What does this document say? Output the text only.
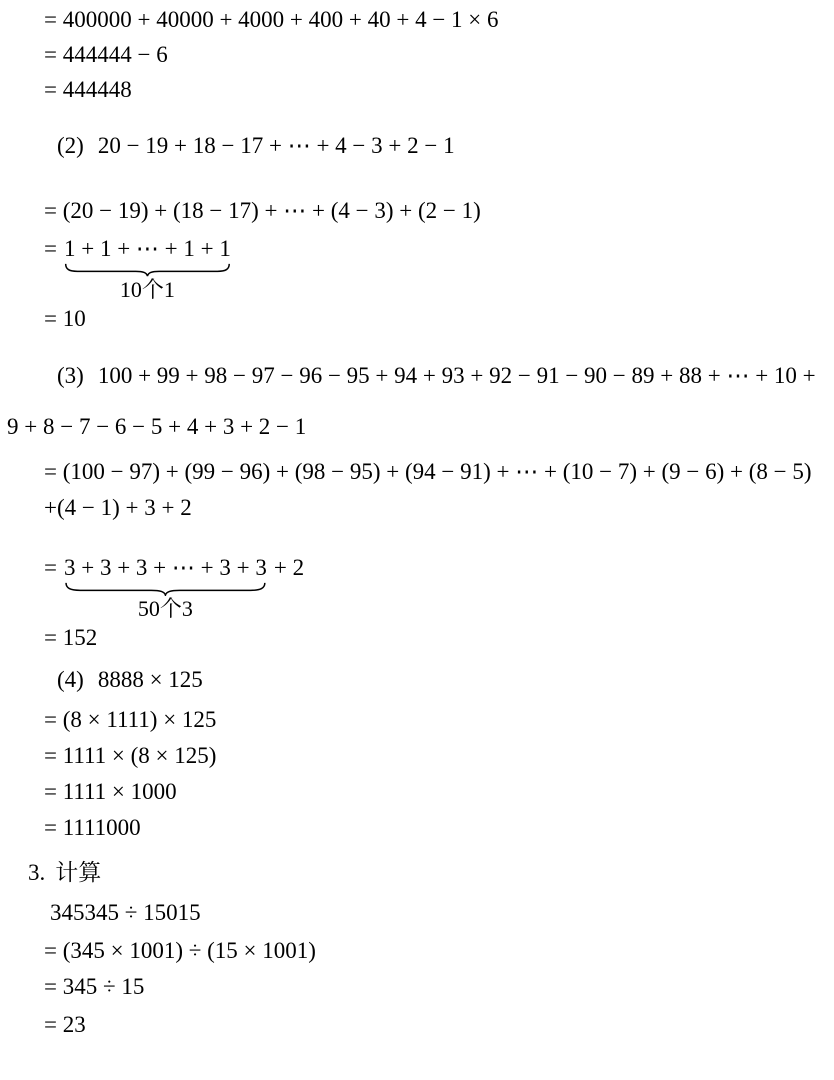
= 400000 + 40000 + 4000 + 400 + 40 + 4 − 1 × 6
= 444444 − 6
= 444448
(2) 20 − 19 + 18 − 17 + ⋯ + 4 − 3 + 2 − 1
= (20 − 19) + (18 − 17) + ⋯ + (4 − 3) + (2 − 1)
= 1 + 1 + ⋯ + 1 + 1
10个1
= 10
(3) 100 + 99 + 98 − 97 − 96 − 95 + 94 + 93 + 92 − 91 − 90 − 89 + 88 + ⋯ + 10 +
9 + 8 − 7 − 6 − 5 + 4 + 3 + 2 − 1
= (100 − 97) + (99 − 96) + (98 − 95) + (94 − 91) + ⋯ + (10 − 7) + (9 − 6) + (8 − 5)
+(4 − 1) + 3 + 2
= 3 + 3 + 3 + ⋯ + 3 + 3
50个3
+ 2
= 152
(4) 8888 × 125
= (8 × 1111) × 125
= 1111 × (8 × 125)
= 1111 × 1000
= 1111000
3. 计算
345345 ÷ 15015
= (345 × 1001) ÷ (15 × 1001)
= 345 ÷ 15
= 23
